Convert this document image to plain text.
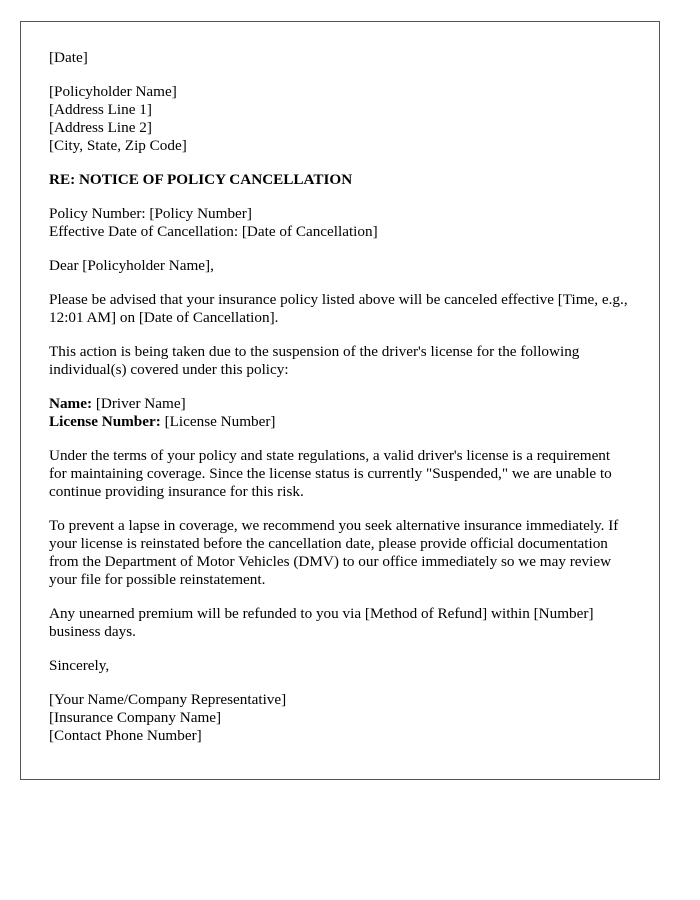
[Date]
[Policyholder Name]
[Address Line 1]
[Address Line 2]
[City, State, Zip Code]
RE: NOTICE OF POLICY CANCELLATION
Policy Number: [Policy Number]
Effective Date of Cancellation: [Date of Cancellation]
Dear [Policyholder Name],

Please be advised that your insurance policy listed above will be canceled effective [Time, e.g., 12:01 AM] on [Date of Cancellation].

This action is being taken due to the suspension of the driver's license for the following individual(s) covered under this policy:

Name: [Driver Name]
License Number: [License Number]

Under the terms of your policy and state regulations, a valid driver's license is a requirement for maintaining coverage. Since the license status is currently "Suspended," we are unable to continue providing insurance for this risk.

To prevent a lapse in coverage, we recommend you seek alternative insurance immediately. If your license is reinstated before the cancellation date, please provide official documentation from the Department of Motor Vehicles (DMV) to our office immediately so we may review your file for possible reinstatement.

Any unearned premium will be refunded to you via [Method of Refund] within [Number] business days.

Sincerely,
[Your Name/Company Representative]
[Insurance Company Name]
[Contact Phone Number]
